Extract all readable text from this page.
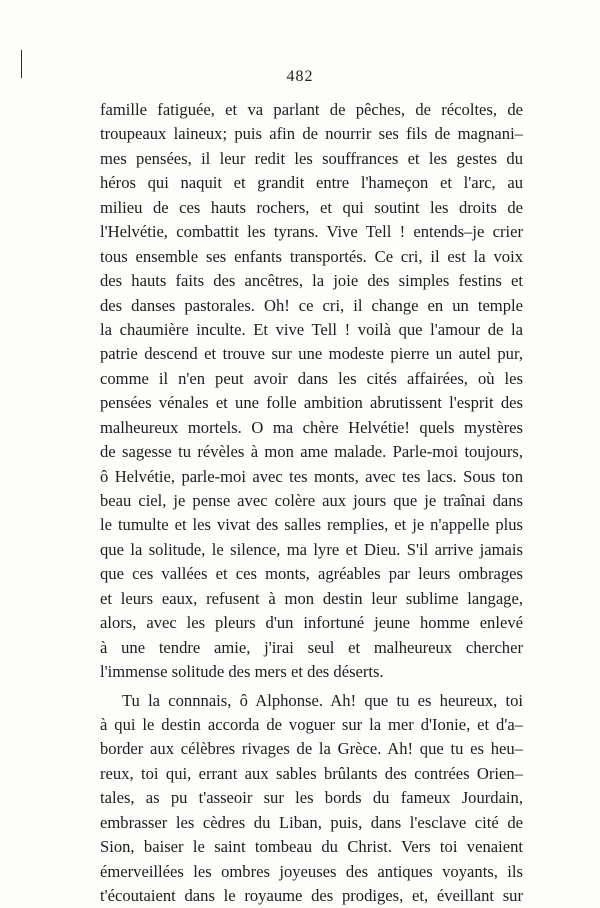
482
famille fatiguée, et va parlant de pêches, de récoltes, de
troupeaux laineux; puis afin de nourrir ses fils de magnani–
mes pensées, il leur redit les souffrances et les gestes du
héros qui naquit et grandit entre l'hameçon et l'arc, au
milieu de ces hauts rochers, et qui soutint les droits de
l'Helvétie, combattit les tyrans. Vive Tell ! entends–je crier
tous ensemble ses enfants transportés. Ce cri, il est la voix
des hauts faits des ancêtres, la joie des simples festins et
des danses pastorales. Oh! ce cri, il change en un temple
la chaumière inculte. Et vive Tell ! voilà que l'amour de la
patrie descend et trouve sur une modeste pierre un autel pur,
comme il n'en peut avoir dans les cités affairées, où les
pensées vénales et une folle ambition abrutissent l'esprit des
malheureux mortels. O ma chère Helvétie! quels mystères
de sagesse tu révèles à mon ame malade. Parle-moi toujours,
ô Helvétie, parle-moi avec tes monts, avec tes lacs. Sous ton
beau ciel, je pense avec colère aux jours que je traînai dans
le tumulte et les vivat des salles remplies, et je n'appelle plus
que la solitude, le silence, ma lyre et Dieu. S'il arrive jamais
que ces vallées et ces monts, agréables par leurs ombrages
et leurs eaux, refusent à mon destin leur sublime langage,
alors, avec les pleurs d'un infortuné jeune homme enlevé
à une tendre amie, j'irai seul et malheureux chercher
l'immense solitude des mers et des déserts.
Tu la connnais, ô Alphonse. Ah! que tu es heureux, toi
à qui le destin accorda de voguer sur la mer d'Ionie, et d'a–
border aux célèbres rivages de la Grèce. Ah! que tu es heu–
reux, toi qui, errant aux sables brûlants des contrées Orien–
tales, as pu t'asseoir sur les bords du fameux Jourdain,
embrasser les cèdres du Liban, puis, dans l'esclave cité de
Sion, baiser le saint tombeau du Christ. Vers toi venaient
émerveillées les ombres joyeuses des antiques voyants, ils
t'écoutaient dans le royaume des prodiges, et, éveillant sur
